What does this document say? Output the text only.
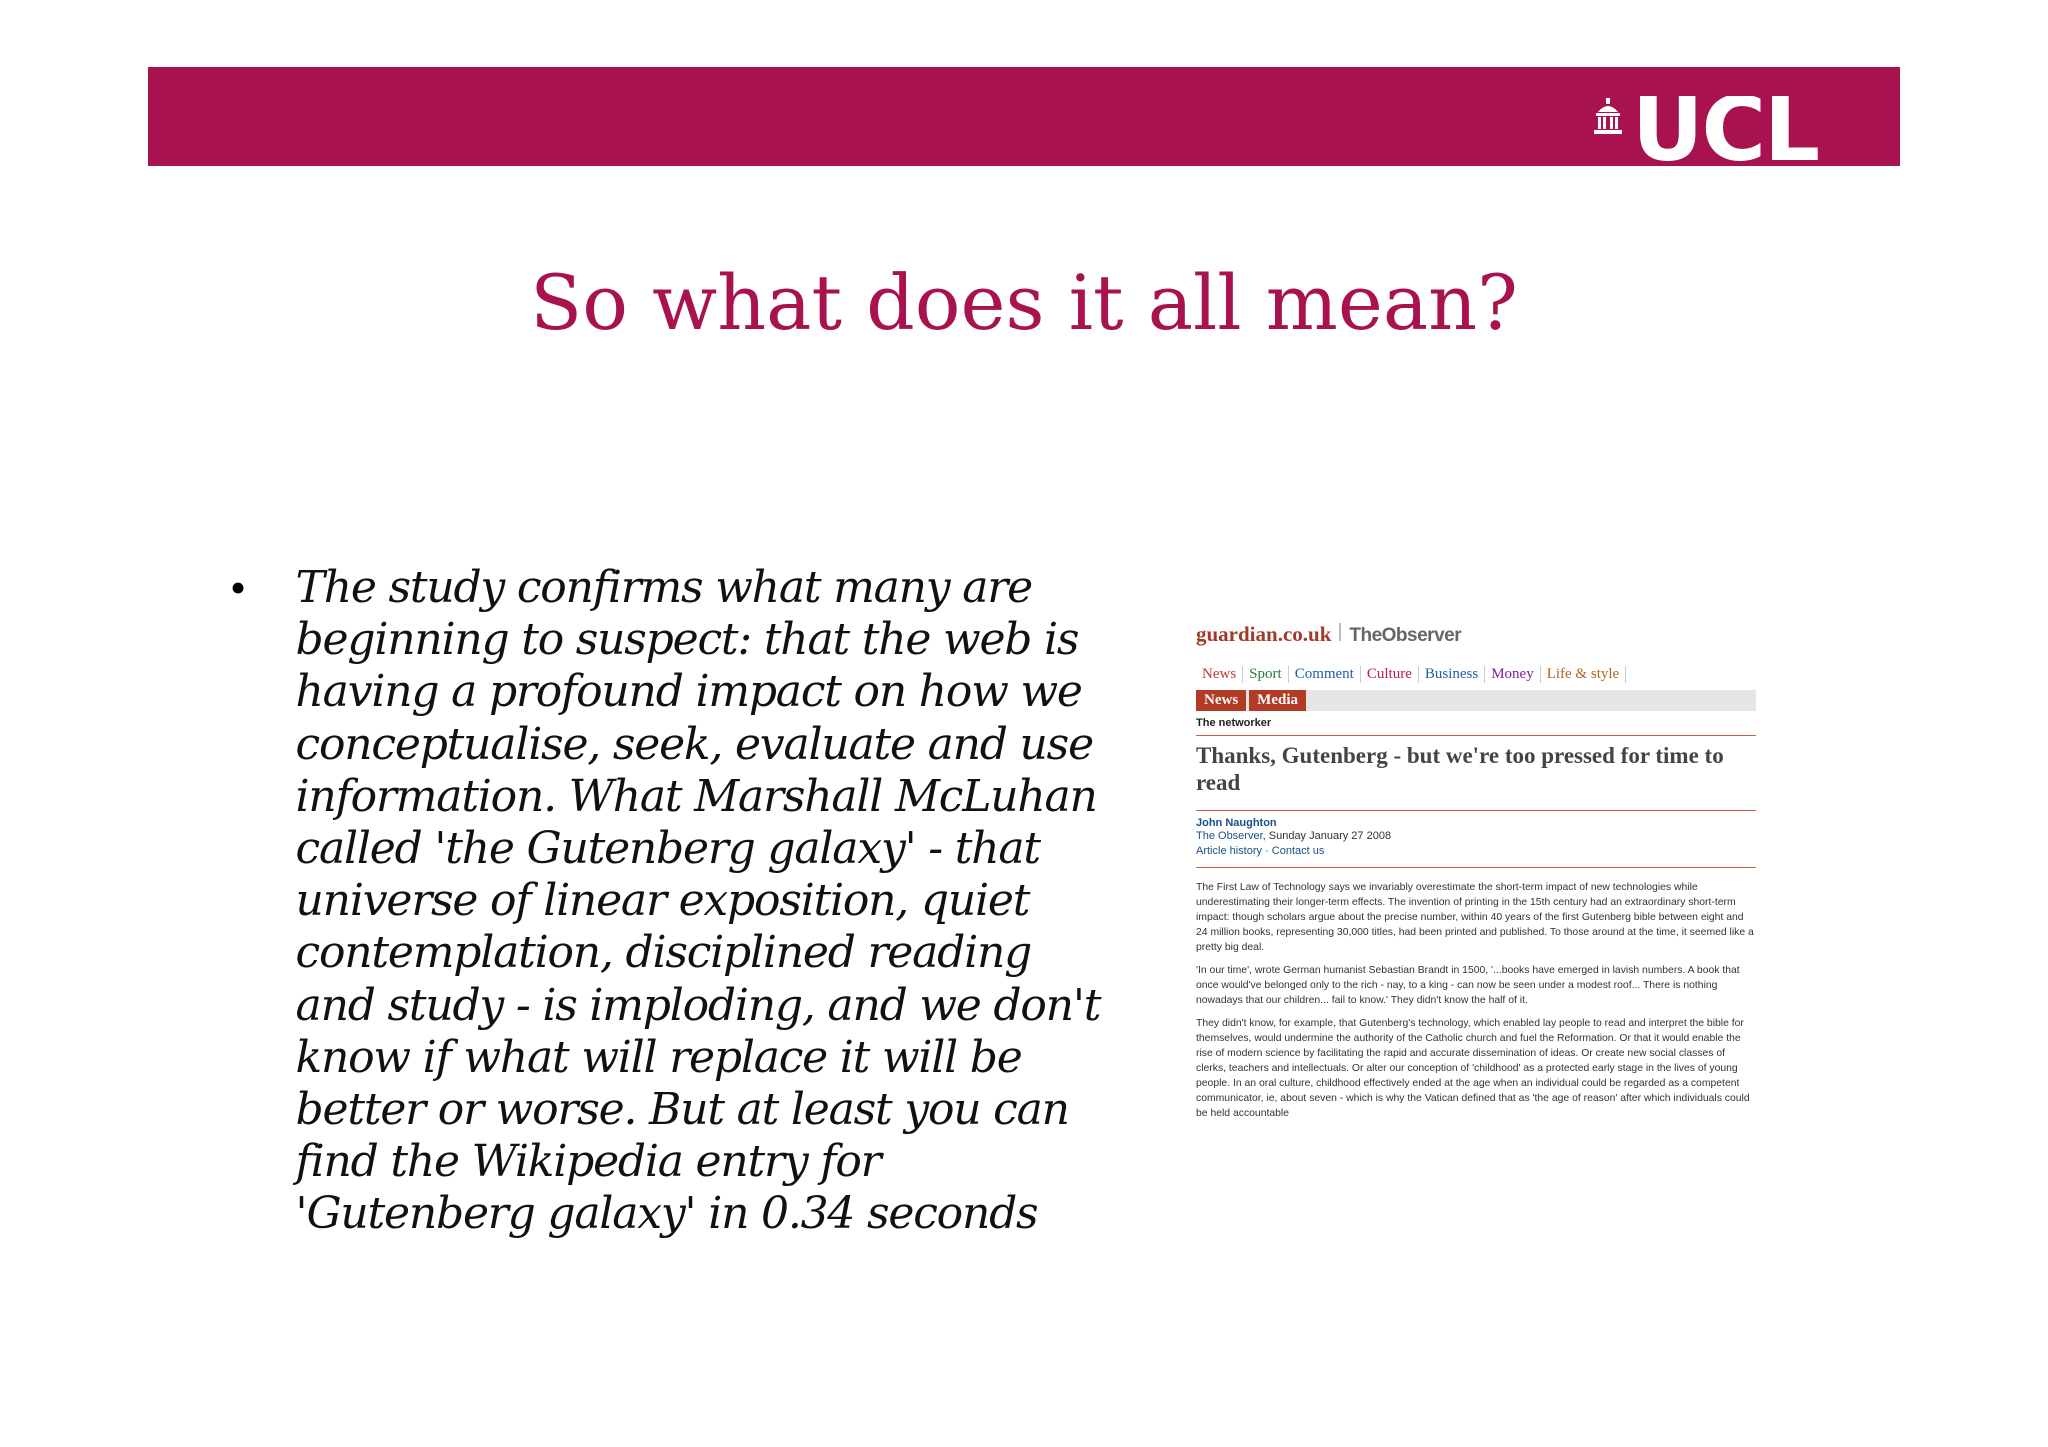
UCL
So what does it all mean?
•	The study confirms what many are beginning to suspect: that the web is having a profound impact on how we conceptualise, seek, evaluate and use information. What Marshall McLuhan called 'the Gutenberg galaxy' - that universe of linear exposition, quiet contemplation, disciplined reading and study - is imploding, and we don't know if what will replace it will be better or worse. But at least you can find the Wikipedia entry for 'Gutenberg galaxy' in 0.34 seconds
guardian.co.uk TheObserver
News Sport Comment Culture Business Money Life & style
News	Media
The networker
Thanks, Gutenberg - but we're too pressed for time to read
John Naughton
The Observer, Sunday January 27 2008
Article history · Contact us

The First Law of Technology says we invariably overestimate the short-term impact of new technologies while underestimating their longer-term effects. The invention of printing in the 15th century had an extraordinary short-term impact: though scholars argue about the precise number, within 40 years of the first Gutenberg bible between eight and 24 million books, representing 30,000 titles, had been printed and published. To those around at the time, it seemed like a pretty big deal.

'In our time', wrote German humanist Sebastian Brandt in 1500, '...books have emerged in lavish numbers. A book that once would've belonged only to the rich - nay, to a king - can now be seen under a modest roof... There is nothing nowadays that our children... fail to know.' They didn't know the half of it.

They didn't know, for example, that Gutenberg's technology, which enabled lay people to read and interpret the bible for themselves, would undermine the authority of the Catholic church and fuel the Reformation. Or that it would enable the rise of modern science by facilitating the rapid and accurate dissemination of ideas. Or create new social classes of clerks, teachers and intellectuals. Or alter our conception of 'childhood' as a protected early stage in the lives of young people. In an oral culture, childhood effectively ended at the age when an individual could be regarded as a competent communicator, ie, about seven - which is why the Vatican defined that as 'the age of reason' after which individuals could be held accountable
